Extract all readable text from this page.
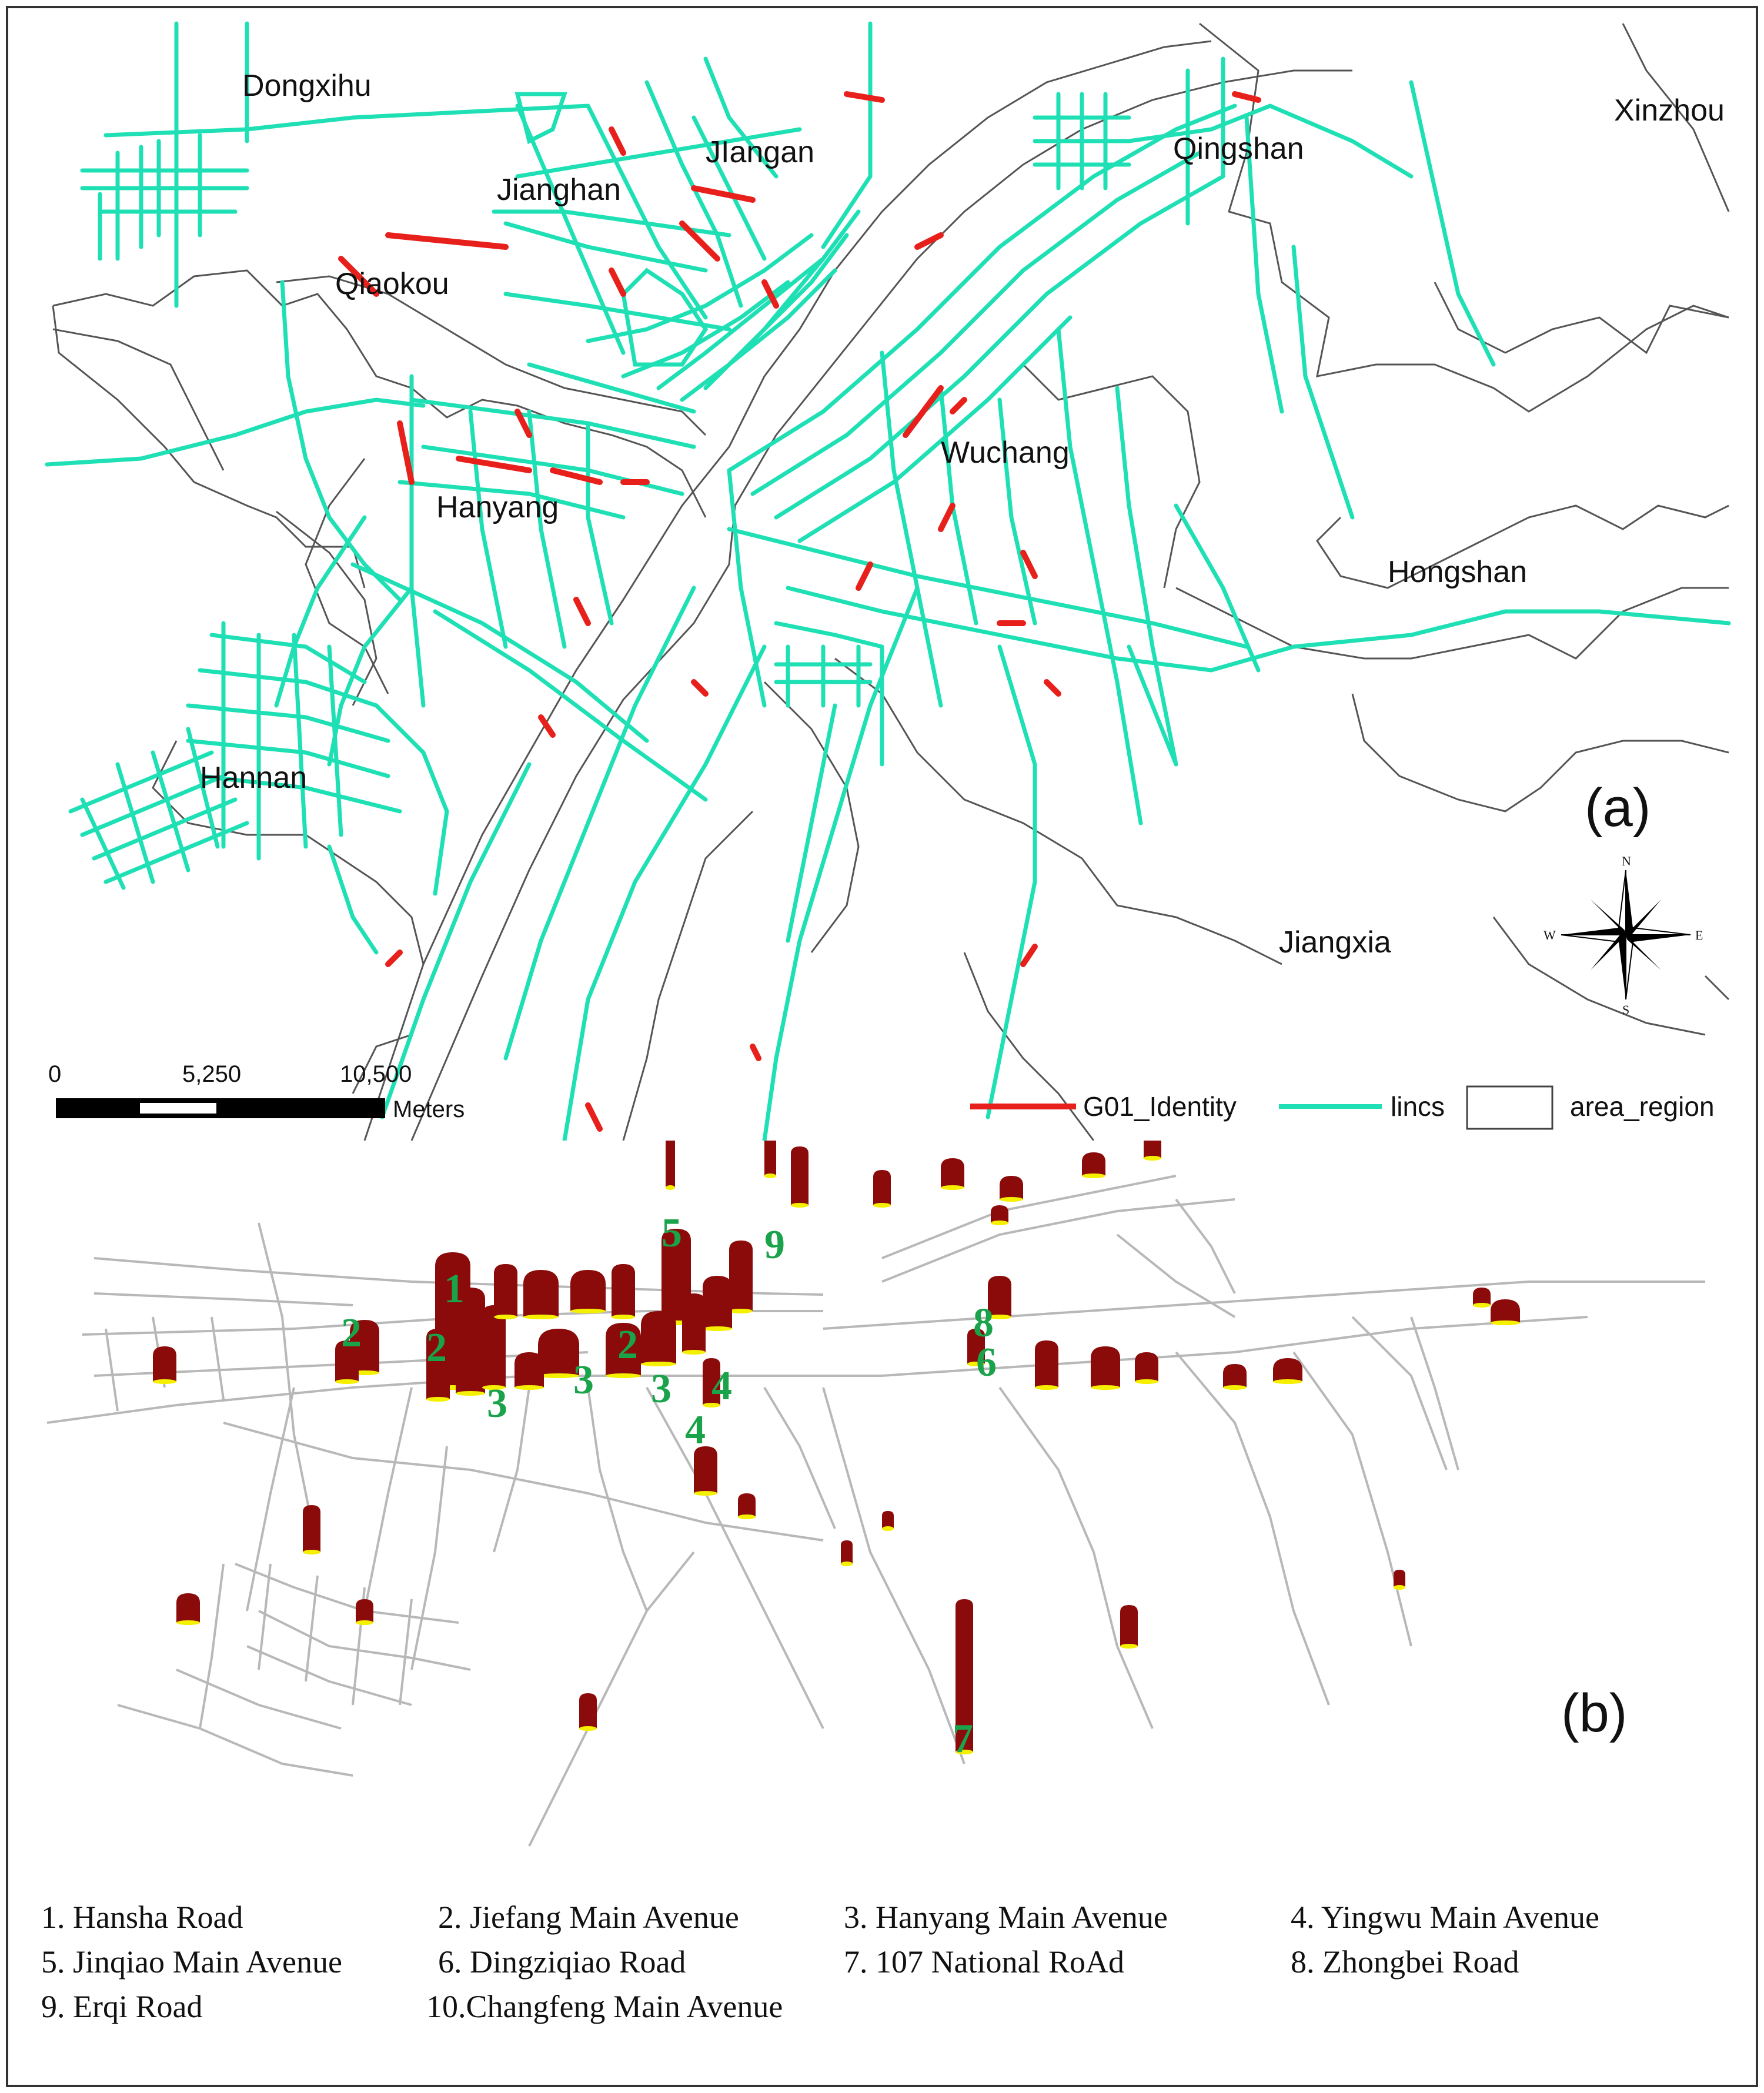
Dongxihu
Jianghan
JIangan	Qingshan
Xinzhou
Qiaokou
Hanyang
Wuchang
Hongshan
Hannan
Jiangxia
(a)
N
S
E
W
0	5,250	10,500
Meters	G01_Identity	lincs	area_region
1
2 2	2
3
3 3 4
4
5
6
7
8
9
(b)
1. Hansha Road	2. Jiefang Main Avenue	3. Hanyang Main Avenue	4. Yingwu Main Avenue
5. Jinqiao Main Avenue	6. Dingziqiao Road	7. 107 National RoAd	8. Zhongbei Road
9. Erqi Road	10.Changfeng Main Avenue
